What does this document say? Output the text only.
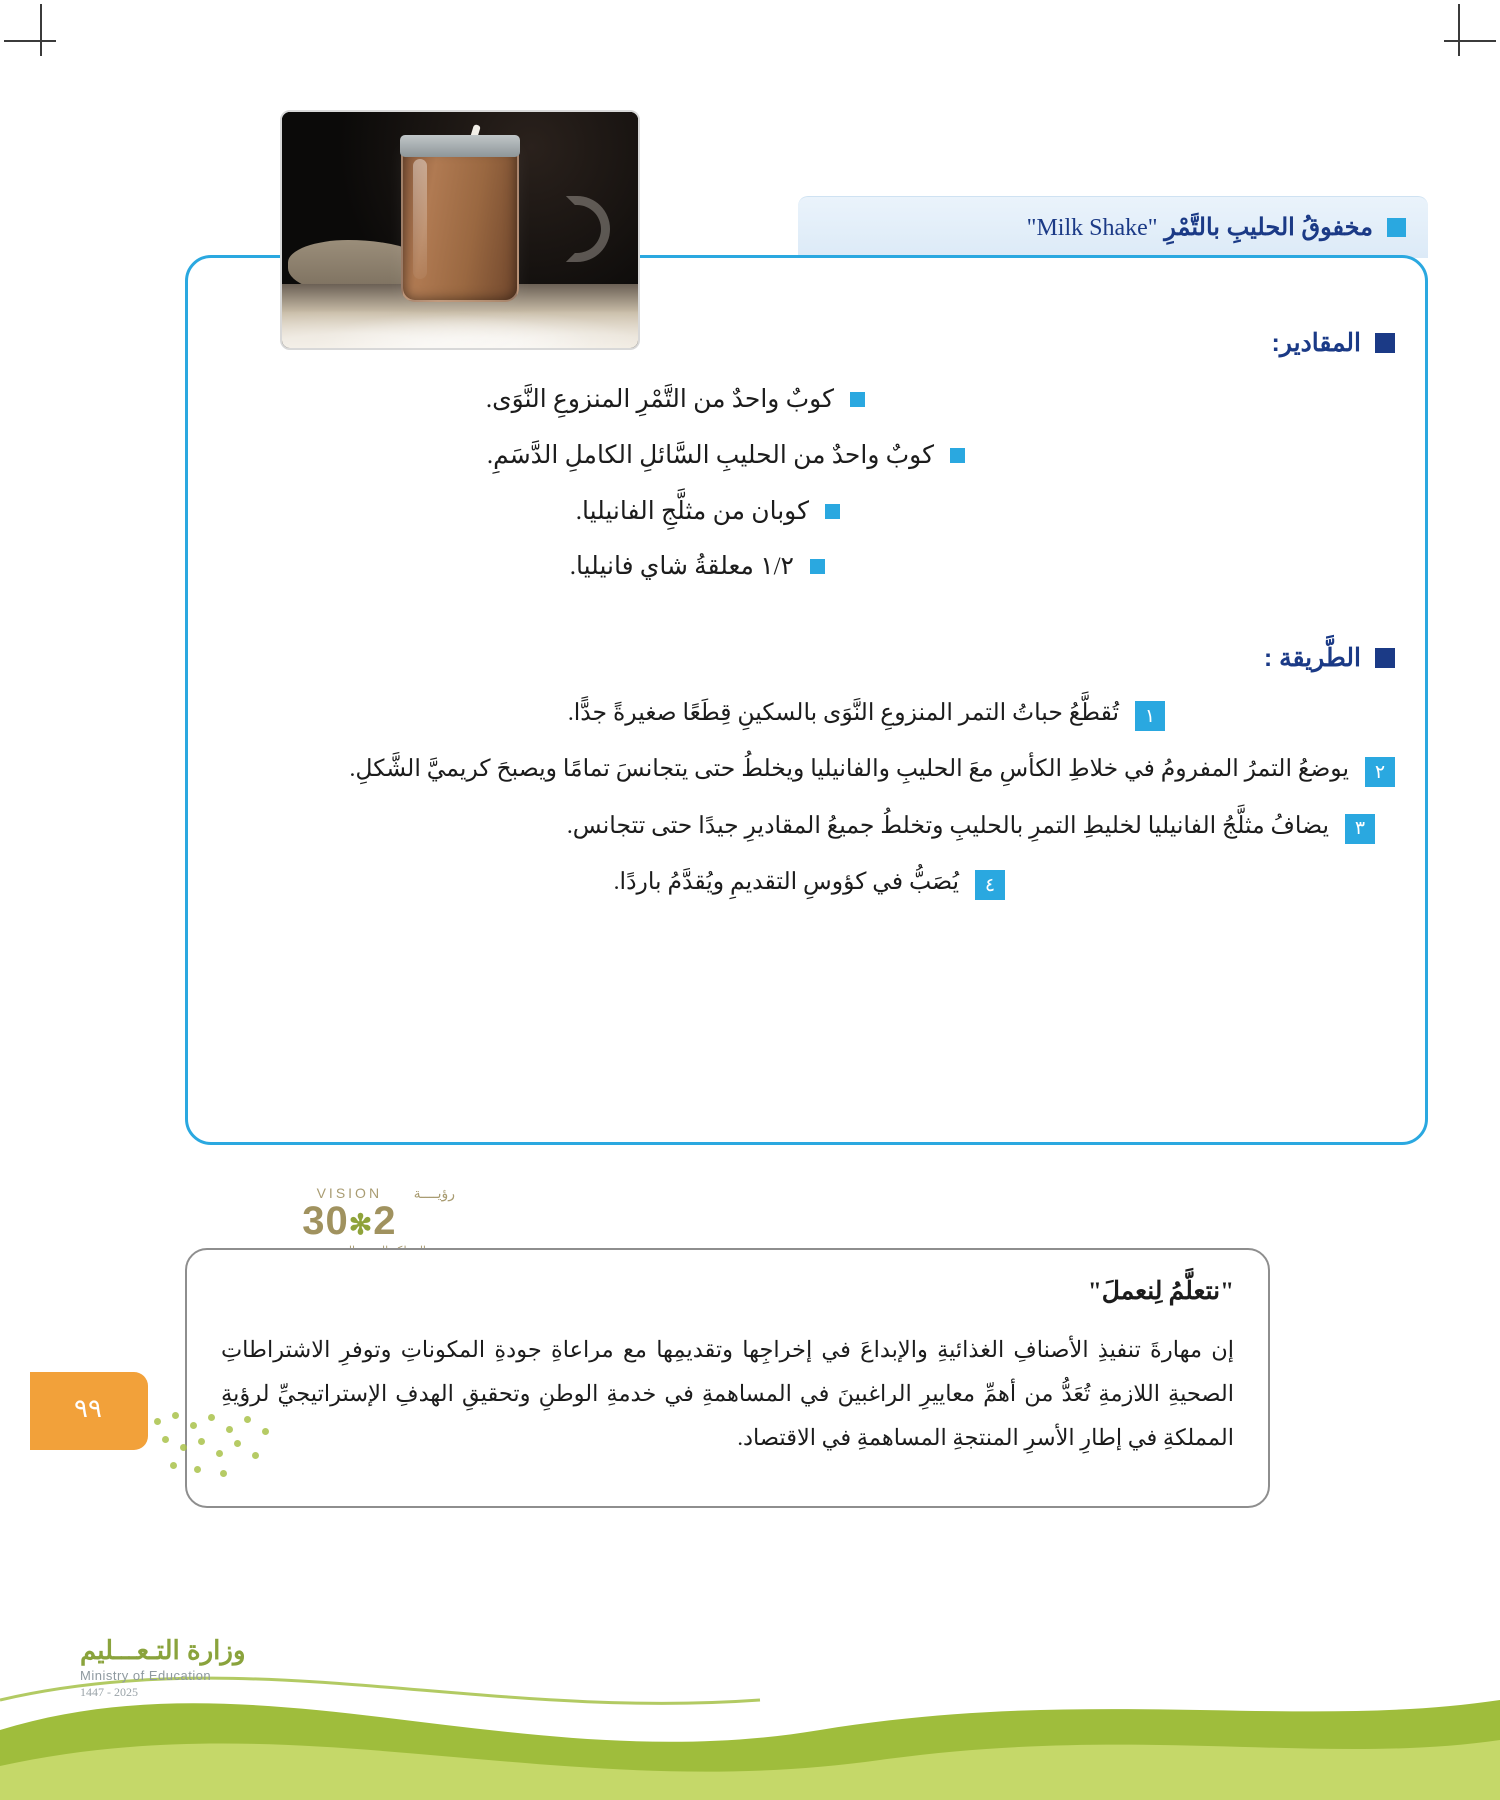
مخفوقُ الحليبِ بالتَّمْرِ "Milk Shake"
المقادير:
كوبٌ واحدٌ من التَّمْرِ المنزوعِ النَّوَى.
كوبٌ واحدٌ من الحليبِ السَّائلِ الكاملِ الدَّسَمِ.
كوبان من مثلَّجِ الفانيليا.
١/٢ معلقةُ شاي فانيليا.
الطَّريقة :
١
تُقطَّعُ حباتُ التمر المنزوعِ النَّوَى بالسكينِ قِطَعًا صغيرةً جدًّا.
٢
يوضعُ التمرُ المفرومُ في خلاطِ الكأسِ معَ الحليبِ والفانيليا ويخلطُ حتى يتجانسَ تمامًا ويصبحَ كريميَّ الشَّكلِ.
٣
يضافُ مثلَّجُ الفانيليا لخليطِ التمرِ بالحليبِ وتخلطُ جميعُ المقاديرِ جيدًا حتى تتجانس.
٤
يُصَبُّ في كؤوسِ التقديمِ ويُقدَّمُ باردًا.
VISION رؤيــــة
2✻30
"نتعلَّمُ لِنعملَ"
إن مهارةَ تنفيذِ الأصنافِ الغذائيةِ والإبداعَ في إخراجِها وتقديمِها مع مراعاةِ جودةِ المكوناتِ وتوفرِ الاشتراطاتِ الصحيةِ اللازمةِ تُعَدُّ من أهمِّ معاييرِ الراغبينَ في المساهمةِ في خدمةِ الوطنِ وتحقيقِ الهدفِ الإستراتيجيِّ لرؤيةِ المملكةِ في إطارِ الأسرِ المنتجةِ المساهمةِ في الاقتصاد.
٩٩
وزارة التـعـــليم
Ministry of Education
2025 - 1447
